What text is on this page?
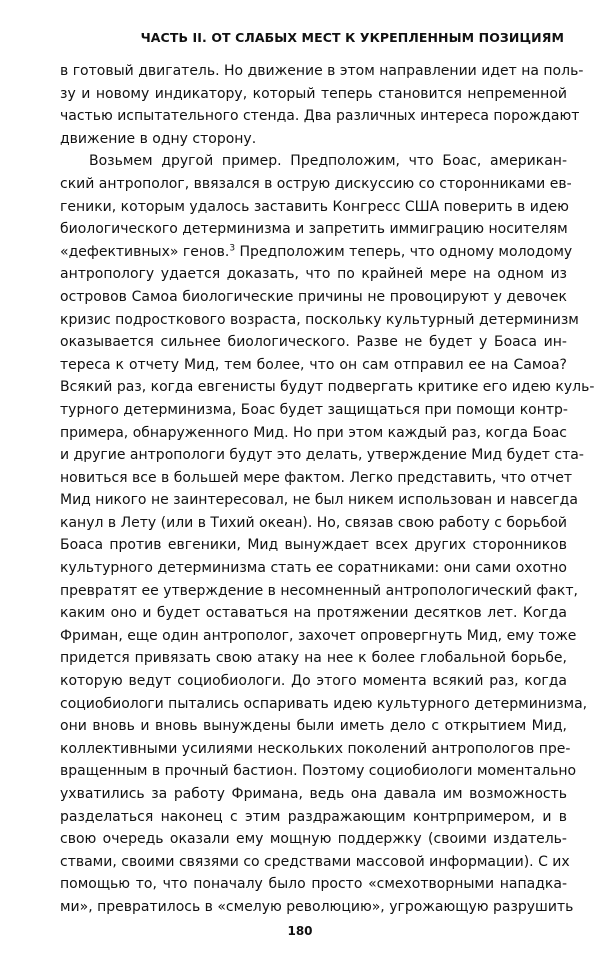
ЧАСТЬ II. ОТ СЛАБЫХ МЕСТ К УКРЕПЛЕННЫМ ПОЗИЦИЯМ
в готовый двигатель. Но движение в этом направлении идет на поль-
зу и новому индикатору, который теперь становится непременной
частью испытательного стенда. Два различных интереса порождают
движение в одну сторону.
Возьмем другой пример. Предположим, что Боас, американ-
ский антрополог, ввязался в острую дискуссию со сторонниками ев-
геники, которым удалось заставить Конгресс США поверить в идею
биологического детерминизма и запретить иммиграцию носителям
«дефективных» генов.$^3$ Предположим теперь, что одному молодому
антропологу удается доказать, что по крайней мере на одном из
островов Самоа биологические причины не провоцируют у девочек
кризис подросткового возраста, поскольку культурный детерминизм
оказывается сильнее биологического. Разве не будет у Боаса ин-
тереса к отчету Мид, тем более, что он сам отправил ее на Самоа?
Всякий раз, когда евгенисты будут подвергать критике его идею куль-
турного детерминизма, Боас будет защищаться при помощи контр-
примера, обнаруженного Мид. Но при этом каждый раз, когда Боас
и другие антропологи будут это делать, утверждение Мид будет ста-
новиться все в большей мере фактом. Легко представить, что отчет
Мид никого не заинтересовал, не был никем использован и навсегда
канул в Лету (или в Тихий океан). Но, связав свою работу с борьбой
Боаса против евгеники, Мид вынуждает всех других сторонников
культурного детерминизма стать ее соратниками: они сами охотно
превратят ее утверждение в несомненный антропологический факт,
каким оно и будет оставаться на протяжении десятков лет. Когда
Фриман, еще один антрополог, захочет опровергнуть Мид, ему тоже
придется привязать свою атаку на нее к более глобальной борьбе,
которую ведут социобиологи. До этого момента всякий раз, когда
социобиологи пытались оспаривать идею культурного детерминизма,
они вновь и вновь вынуждены были иметь дело с открытием Мид,
коллективными усилиями нескольких поколений антропологов пре-
вращенным в прочный бастион. Поэтому социобиологи моментально
ухватились за работу Фримана, ведь она давала им возможность
разделаться наконец с этим раздражающим контрпримером, и в
свою очередь оказали ему мощную поддержку (своими издатель-
ствами, своими связями со средствами массовой информации). С их
помощью то, что поначалу было просто «смехотворными нападка-
ми», превратилось в «смелую революцию», угрожающую разрушить
180
